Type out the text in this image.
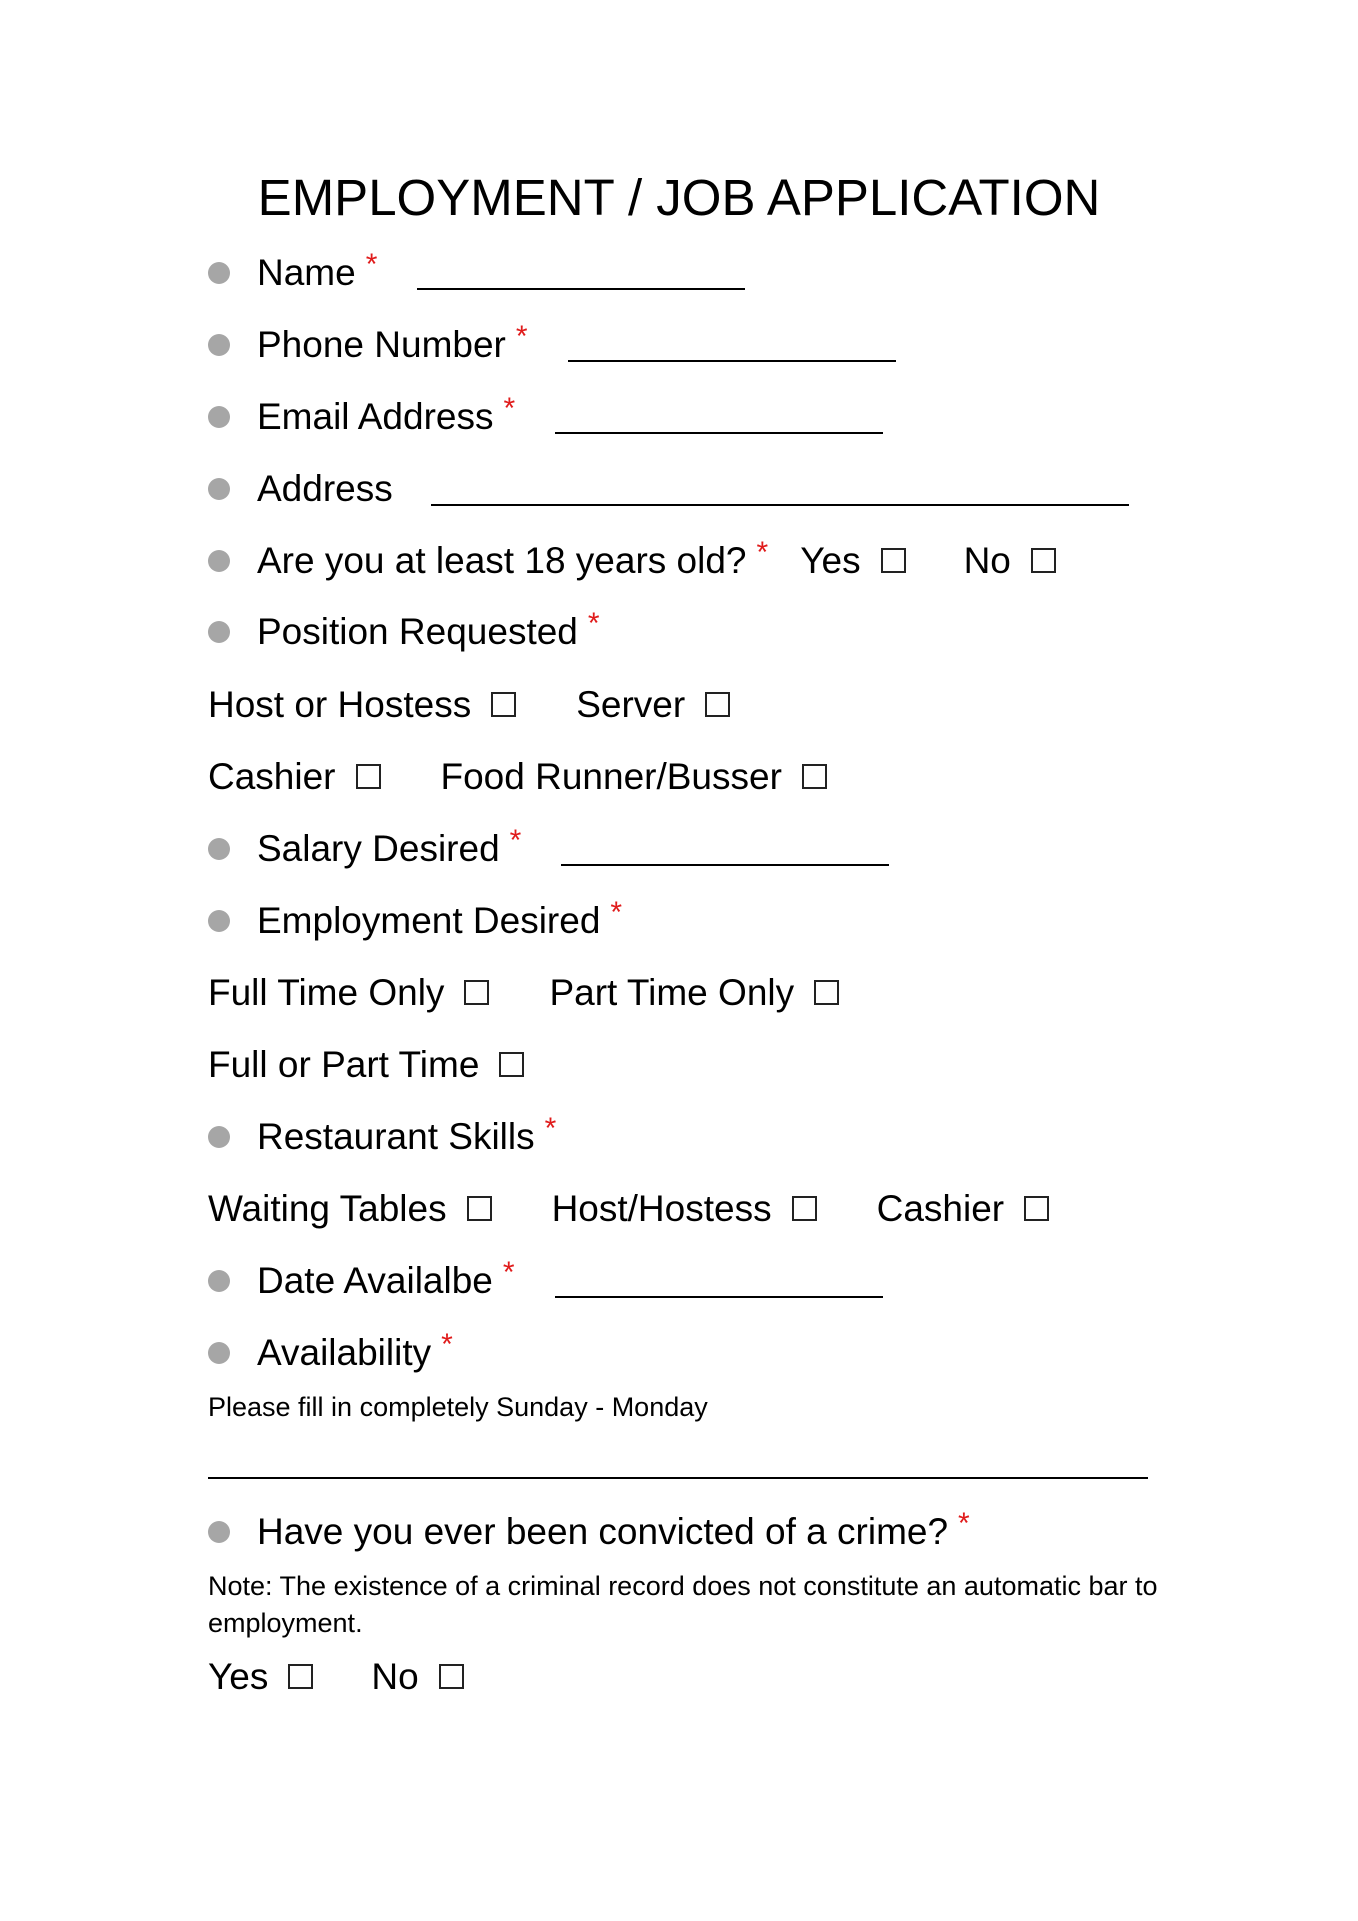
EMPLOYMENT / JOB APPLICATION
Name *
Phone Number *
Email Address *
Address
Are you at least 18 years old? * Yes	No
Position Requested *
Host or Hostess	Server
Cashier	Food Runner/Busser
Salary Desired *
Employment Desired *
Full Time Only	Part Time Only
Full or Part Time
Restaurant Skills *
Waiting Tables	Host/Hostess	Cashier
Date Availalbe *
Availability *
Please fill in completely Sunday - Monday
Have you ever been convicted of a crime? *
Note: The existence of a criminal record does not constitute an automatic bar to employment.
Yes	No
